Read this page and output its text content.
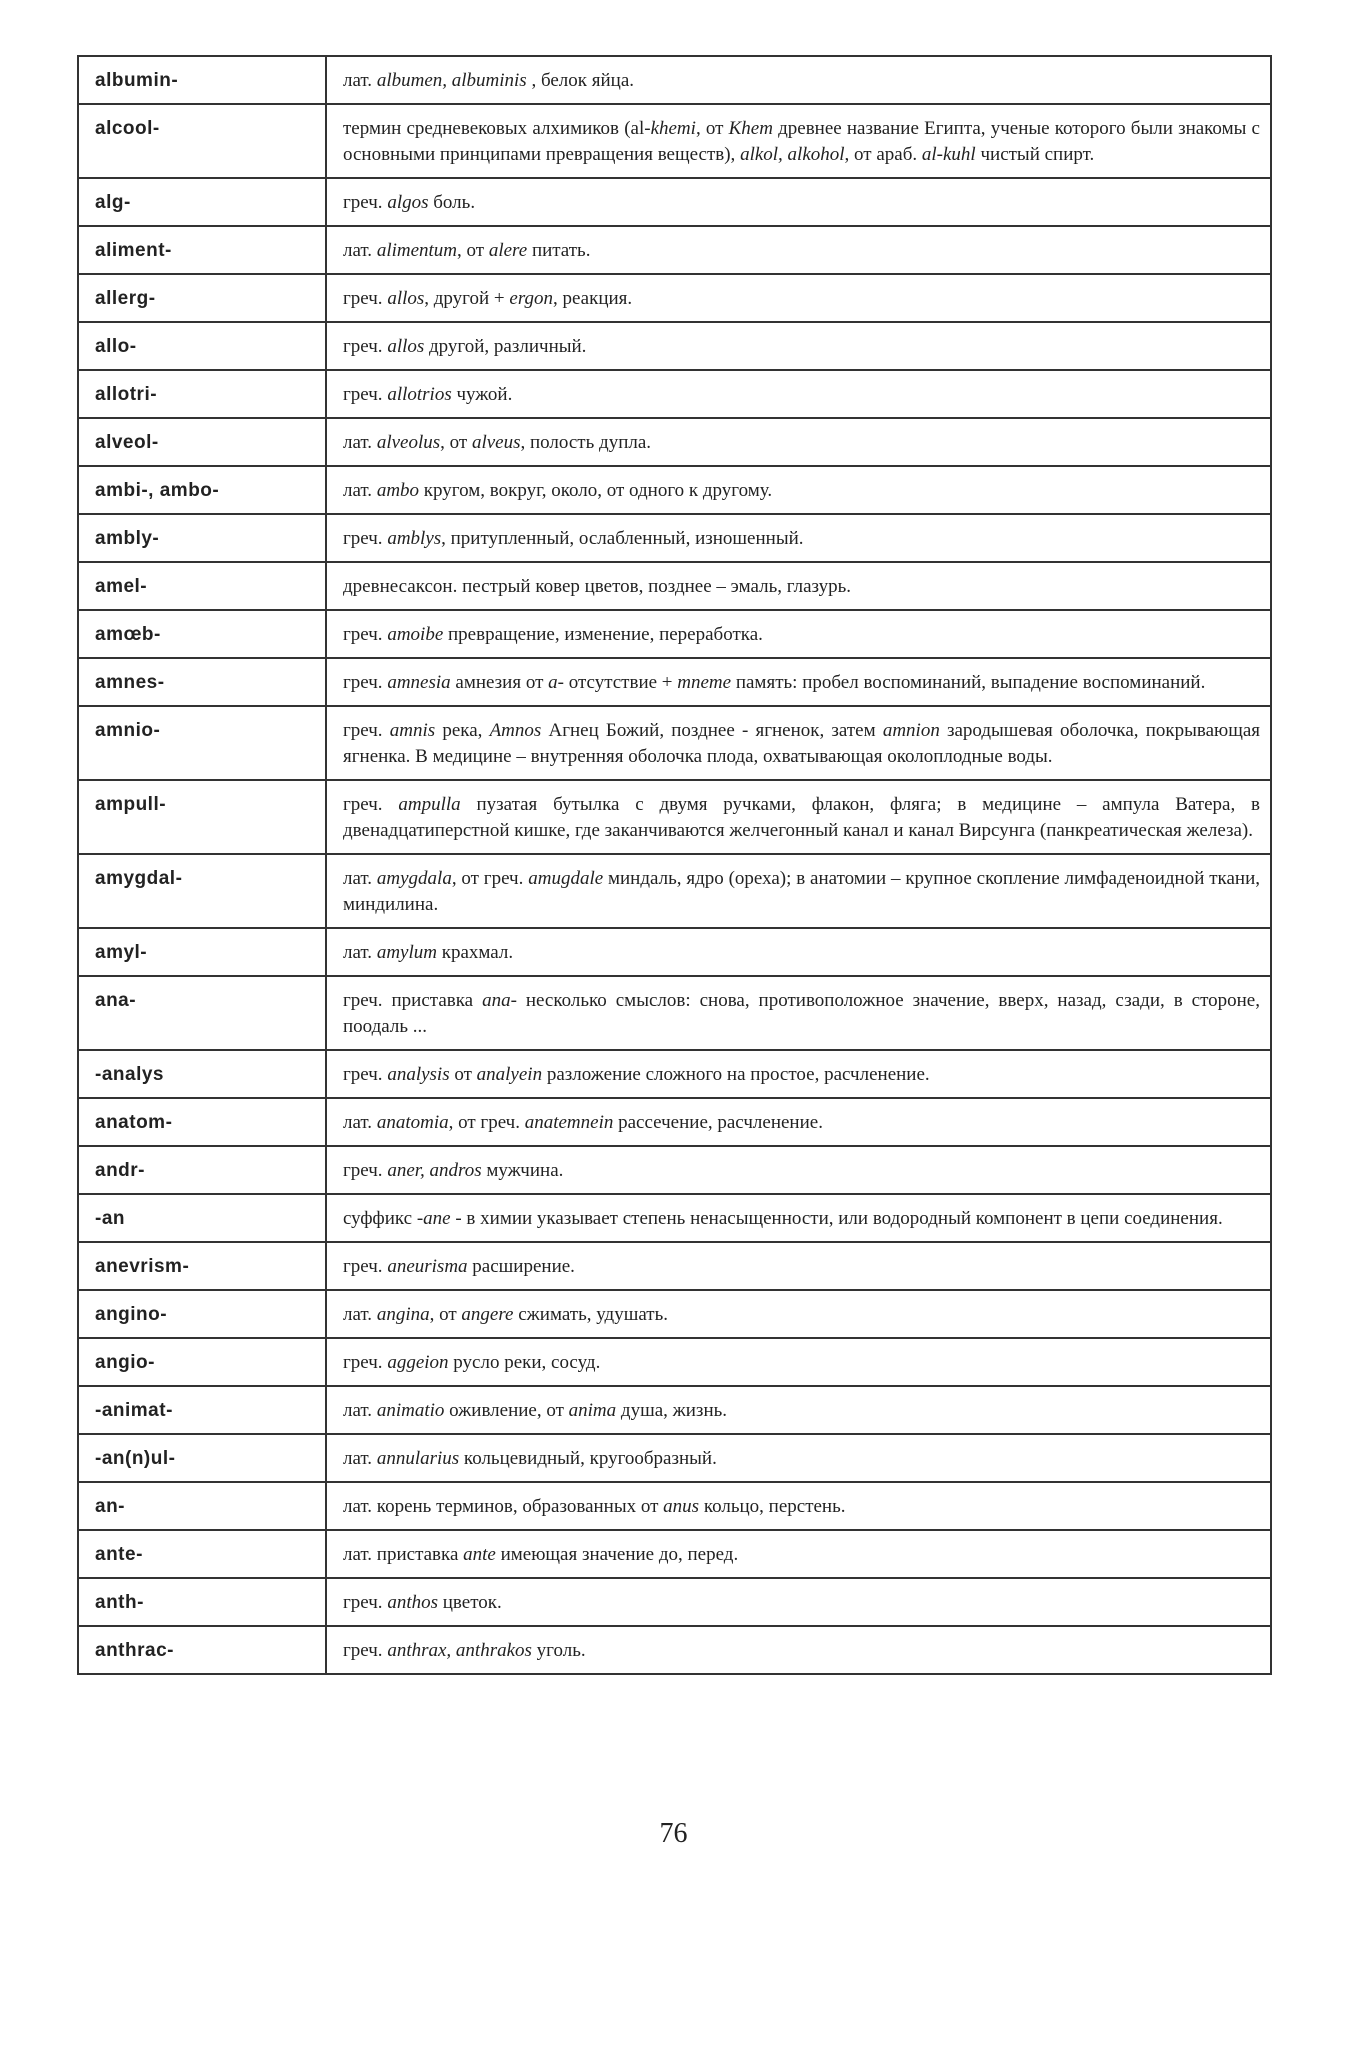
albumin-	лат. albumen, albuminis , белок яйца.
alcool-	термин средневековых алхимиков (al-khemi, от Khem древнее название Египта, ученые которого были знакомы с основными принципами превращения веществ), alkol, alkohol, от араб. al-kuhl чистый спирт.
alg-	греч. algos боль.
aliment-	лат. alimentum, от alere питать.
allerg-	греч. allos, другой + ergon, реакция.
allo-	греч. allos другой, различный.
allotri-	греч. allotrios чужой.
alveol-	лат. alveolus, от alveus, полость дупла.
ambi-, ambo-	лат. ambo кругом, вокруг, около, от одного к другому.
ambly-	греч. amblys, притупленный, ослабленный, изношенный.
amel-	древнесаксон. пестрый ковер цветов, позднее – эмаль, глазурь.
amœb-	греч. amoibe превращение, изменение, переработка.
amnes-	греч. amnesia амнезия от a- отсутствие + mneme память: пробел воспоминаний, выпадение воспоминаний.
amnio-	греч. amnis река, Amnos Агнец Божий, позднее - ягненок, затем amnion зародышевая оболочка, покрывающая ягненка. В медицине – внутренняя оболочка плода, охватывающая околоплодные воды.
ampull-	греч. ampulla пузатая бутылка с двумя ручками, флакон, фляга; в медицине – ампула Ватера, в двенадцатиперстной кишке, где заканчиваются желчегонный канал и канал Вирсунга (панкреатическая железа).
amygdal-	лат. amygdala, от греч. amugdale миндаль, ядро (ореха); в анатомии – крупное скопление лимфаденоидной ткани, миндилина.
amyl-	лат. amylum крахмал.
ana-	греч. приставка ana- несколько смыслов: снова, противоположное значение, вверх, назад, сзади, в стороне, поодаль ...
-analys	греч. analysis от analyein разложение сложного на простое, расчленение.
anatom-	лат. anatomia, от греч. anatemnein рассечение, расчленение.
andr-	греч. aner, andros мужчина.
-an	суффикс -ane - в химии указывает степень ненасыщенности, или водородный компонент в цепи соединения.
anevrism-	греч. aneurisma расширение.
angino-	лат. angina, от angere сжимать, удушать.
angio-	греч. aggeion русло реки, сосуд.
-animat-	лат. animatio оживление, от anima душа, жизнь.
-an(n)ul-	лат. annularius кольцевидный, кругообразный.
an-	лат. корень терминов, образованных от anus кольцо, перстень.
ante-	лат. приставка ante имеющая значение до, перед.
anth-	греч. anthos цветок.
anthrac-	греч. anthrax, anthrakos уголь.
76
